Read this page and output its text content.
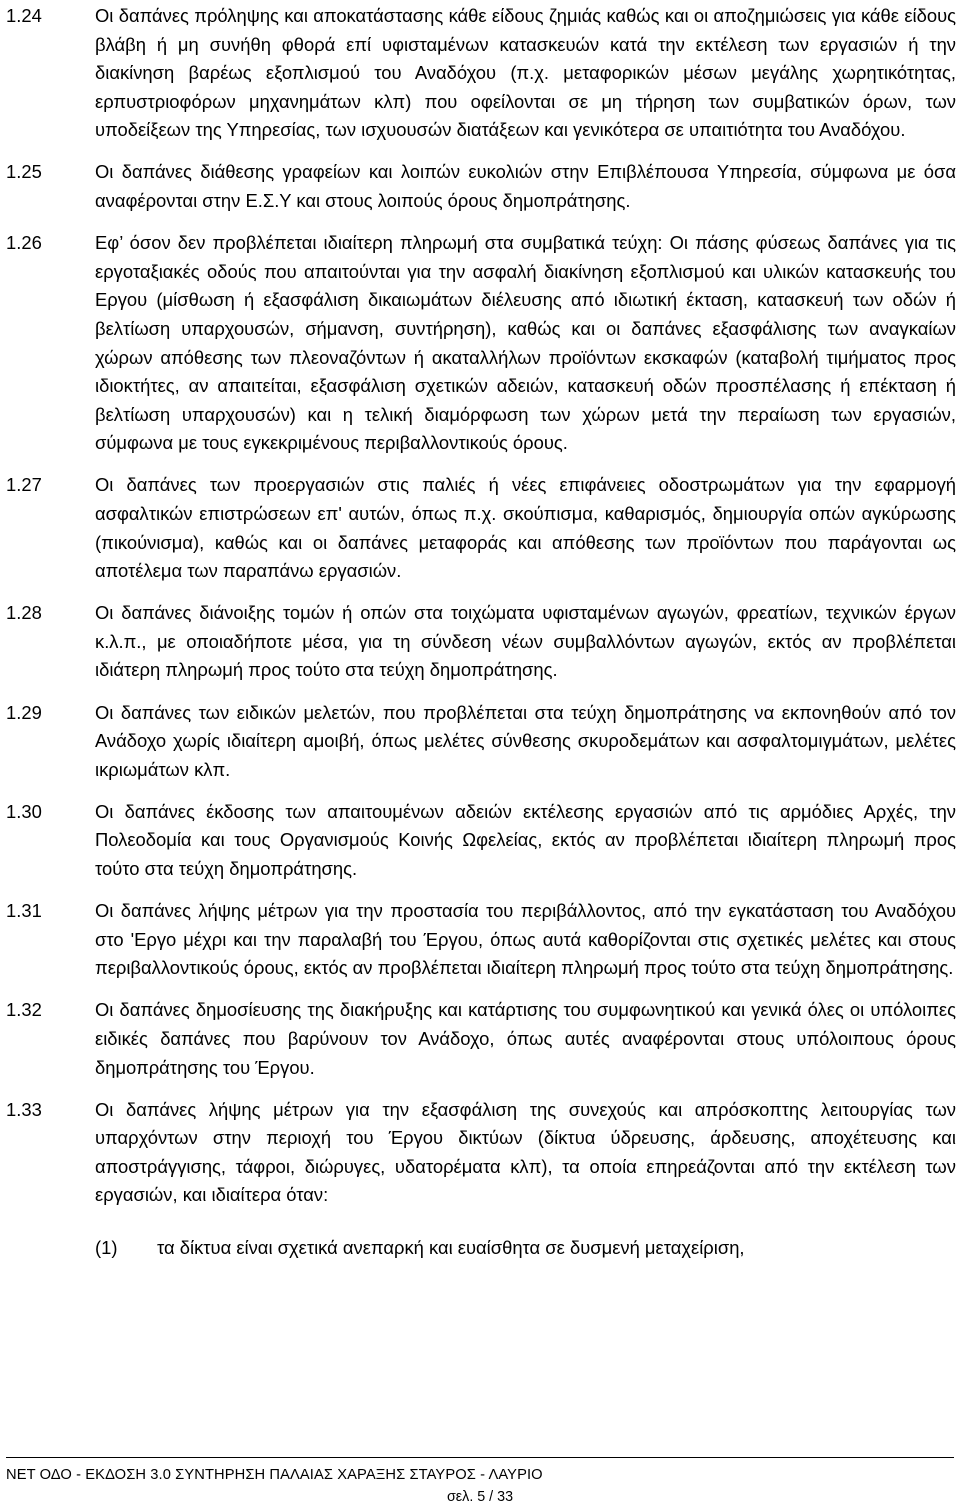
1.24	Οι δαπάνες πρόληψης και αποκατάστασης κάθε είδους ζημιάς καθώς και οι αποζημιώσεις για κάθε είδους βλάβη ή μη συνήθη φθορά επί υφισταμένων κατασκευών κατά την εκτέλεση των εργασιών ή την διακίνηση βαρέως εξοπλισμού του Αναδόχου (π.χ. μεταφορικών μέσων μεγάλης χωρητικότητας, ερπυστριοφόρων μηχανημάτων κλπ) που οφείλονται σε μη τήρηση των συμβατικών όρων, των υποδείξεων της Υπηρεσίας, των ισχυουσών διατάξεων και γενικότερα σε υπαιτιότητα του Αναδόχου.
1.25	Οι δαπάνες διάθεσης γραφείων και λοιπών ευκολιών στην Επιβλέπουσα Υπηρεσία, σύμφωνα με όσα αναφέρονται στην Ε.Σ.Υ και στους λοιπούς όρους δημοπράτησης.
1.26	Εφ’ όσον δεν προβλέπεται ιδιαίτερη πληρωμή στα συμβατικά τεύχη: Οι πάσης φύσεως δαπάνες για τις εργοταξιακές οδούς που απαιτούνται για την ασφαλή διακίνηση εξοπλισμού και υλικών κατασκευής του Εργου (μίσθωση ή εξασφάλιση δικαιωμάτων διέλευσης από ιδιωτική έκταση, κατασκευή των οδών ή βελτίωση υπαρχουσών, σήμανση, συντήρηση), καθώς και οι δαπάνες εξασφάλισης των αναγκαίων χώρων απόθεσης των πλεοναζόντων ή ακαταλλήλων προϊόντων εκσκαφών (καταβολή τιμήματος προς ιδιοκτήτες, αν απαιτείται, εξασφάλιση σχετικών αδειών, κατασκευή οδών προσπέλασης ή επέκταση ή βελτίωση υπαρχουσών) και η τελική διαμόρφωση των χώρων μετά την περαίωση των εργασιών, σύμφωνα με τους εγκεκριμένους περιβαλλοντικούς όρους.
1.27	Οι δαπάνες των προεργασιών στις παλιές ή νέες επιφάνειες οδοστρωμάτων για την εφαρμογή ασφαλτικών επιστρώσεων επ' αυτών, όπως π.χ. σκούπισμα, καθαρισμός, δημιουργία οπών αγκύρωσης (πικούνισμα), καθώς και οι δαπάνες μεταφοράς και απόθεσης των προϊόντων που παράγονται ως αποτέλεμα των παραπάνω εργασιών.
1.28	Οι δαπάνες διάνοιξης τομών ή οπών στα τοιχώματα υφισταμένων αγωγών, φρεατίων, τεχνικών έργων κ.λ.π., με οποιαδήποτε μέσα, για τη σύνδεση νέων συμβαλλόντων αγωγών, εκτός αν προβλέπεται ιδιάτερη πληρωμή προς τούτο στα τεύχη δημοπράτησης.
1.29	Οι δαπάνες των ειδικών μελετών, που προβλέπεται στα τεύχη δημοπράτησης να εκπονηθούν από τον Ανάδοχο χωρίς ιδιαίτερη αμοιβή, όπως μελέτες σύνθεσης σκυροδεμάτων και ασφαλτομιγμάτων, μελέτες ικριωμάτων κλπ.
1.30	Οι δαπάνες έκδοσης των απαιτουμένων αδειών εκτέλεσης εργασιών από τις αρμόδιες Αρχές, την Πολεοδομία και τους Οργανισμούς Κοινής Ωφελείας, εκτός αν προβλέπεται ιδιαίτερη πληρωμή προς τούτο στα τεύχη δημοπράτησης.
1.31	Οι δαπάνες λήψης μέτρων για την προστασία του περιβάλλοντος, από την εγκατάσταση του Αναδόχου στο 'Εργο μέχρι και την παραλαβή του Έργου, όπως αυτά καθορίζονται στις σχετικές μελέτες και στους περιβαλλοντικούς όρους, εκτός αν προβλέπεται ιδιαίτερη πληρωμή προς τούτο στα τεύχη δημοπράτησης.
1.32	Οι δαπάνες δημοσίευσης της διακήρυξης και κατάρτισης του συμφωνητικού και γενικά όλες οι υπόλοιπες ειδικές δαπάνες που βαρύνουν τον Ανάδοχο, όπως αυτές αναφέρονται στους υπόλοιπους όρους δημοπράτησης του Έργου.
1.33	Οι δαπάνες λήψης μέτρων για την εξασφάλιση της συνεχούς και απρόσκοπτης λειτουργίας των υπαρχόντων στην περιοχή του Έργου δικτύων (δίκτυα ύδρευσης, άρδευσης, αποχέτευσης και αποστράγγισης, τάφροι, διώρυγες, υδατορέματα κλπ), τα οποία επηρεάζονται από την εκτέλεση των εργασιών, και ιδιαίτερα όταν:
(1) τα δίκτυα είναι σχετικά ανεπαρκή και ευαίσθητα σε δυσμενή μεταχείριση,
ΝΕΤ ΟΔΟ - ΕΚΔΟΣΗ 3.0 ΣΥΝΤΗΡΗΣΗ ΠΑΛΑΙΑΣ ΧΑΡΑΞΗΣ ΣΤΑΥΡΟΣ - ΛΑΥΡΙΟ
σελ. 5 / 33
